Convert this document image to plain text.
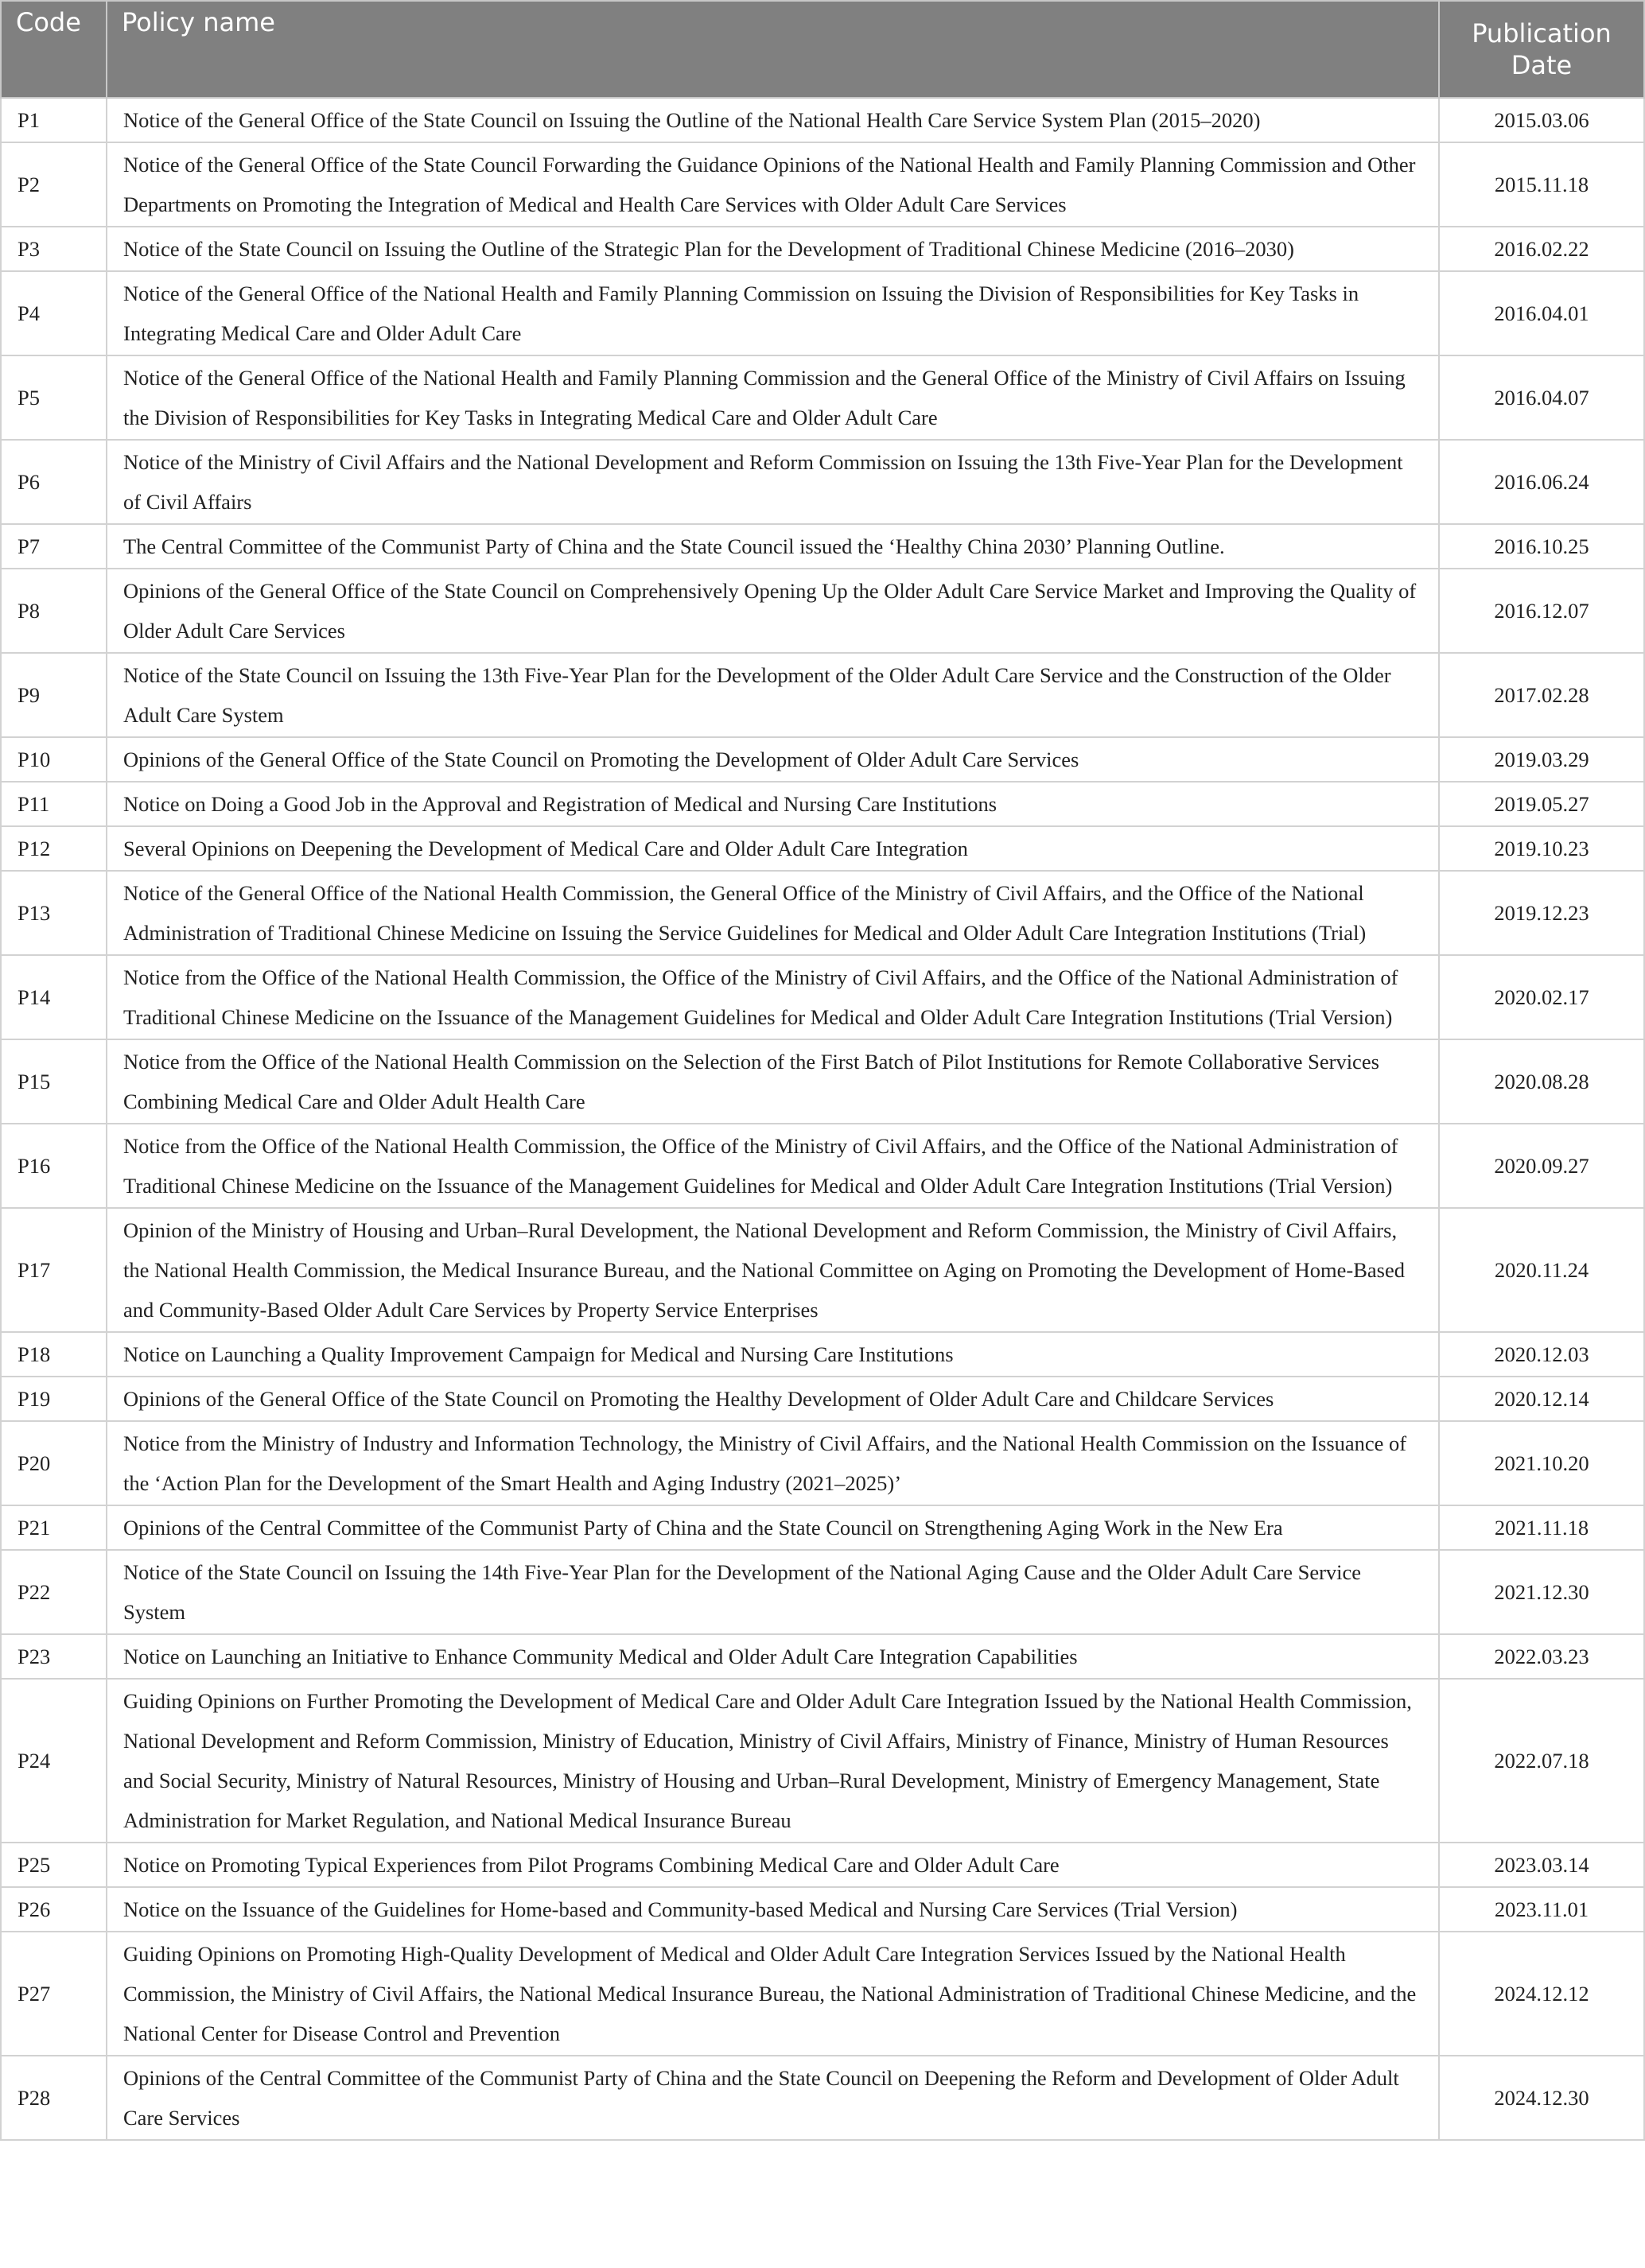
Code	Policy name	Publication Date
P1	Notice of the General Office of the State Council on Issuing the Outline of the National Health Care Service System Plan (2015–2020)	2015.03.06
P2	Notice of the General Office of the State Council Forwarding the Guidance Opinions of the National Health and Family Planning Commission and Other Departments on Promoting the Integration of Medical and Health Care Services with Older Adult Care Services	2015.11.18
P3	Notice of the State Council on Issuing the Outline of the Strategic Plan for the Development of Traditional Chinese Medicine (2016–2030)	2016.02.22
P4	Notice of the General Office of the National Health and Family Planning Commission on Issuing the Division of Responsibilities for Key Tasks in Integrating Medical Care and Older Adult Care	2016.04.01
P5	Notice of the General Office of the National Health and Family Planning Commission and the General Office of the Ministry of Civil Affairs on Issuing the Division of Responsibilities for Key Tasks in Integrating Medical Care and Older Adult Care	2016.04.07
P6	Notice of the Ministry of Civil Affairs and the National Development and Reform Commission on Issuing the 13th Five-Year Plan for the Development of Civil Affairs	2016.06.24
P7	The Central Committee of the Communist Party of China and the State Council issued the ‘Healthy China 2030’ Planning Outline.	2016.10.25
P8	Opinions of the General Office of the State Council on Comprehensively Opening Up the Older Adult Care Service Market and Improving the Quality of Older Adult Care Services	2016.12.07
P9	Notice of the State Council on Issuing the 13th Five-Year Plan for the Development of the Older Adult Care Service and the Construction of the Older Adult Care System	2017.02.28
P10	Opinions of the General Office of the State Council on Promoting the Development of Older Adult Care Services	2019.03.29
P11	Notice on Doing a Good Job in the Approval and Registration of Medical and Nursing Care Institutions	2019.05.27
P12	Several Opinions on Deepening the Development of Medical Care and Older Adult Care Integration	2019.10.23
P13	Notice of the General Office of the National Health Commission, the General Office of the Ministry of Civil Affairs, and the Office of the National Administration of Traditional Chinese Medicine on Issuing the Service Guidelines for Medical and Older Adult Care Integration Institutions (Trial)	2019.12.23
P14	Notice from the Office of the National Health Commission, the Office of the Ministry of Civil Affairs, and the Office of the National Administration of Traditional Chinese Medicine on the Issuance of the Management Guidelines for Medical and Older Adult Care Integration Institutions (Trial Version)	2020.02.17
P15	Notice from the Office of the National Health Commission on the Selection of the First Batch of Pilot Institutions for Remote Collaborative Services Combining Medical Care and Older Adult Health Care	2020.08.28
P16	Notice from the Office of the National Health Commission, the Office of the Ministry of Civil Affairs, and the Office of the National Administration of Traditional Chinese Medicine on the Issuance of the Management Guidelines for Medical and Older Adult Care Integration Institutions (Trial Version)	2020.09.27
P17	Opinion of the Ministry of Housing and Urban–Rural Development, the National Development and Reform Commission, the Ministry of Civil Affairs, the National Health Commission, the Medical Insurance Bureau, and the National Committee on Aging on Promoting the Development of Home-Based and Community-Based Older Adult Care Services by Property Service Enterprises	2020.11.24
P18	Notice on Launching a Quality Improvement Campaign for Medical and Nursing Care Institutions	2020.12.03
P19	Opinions of the General Office of the State Council on Promoting the Healthy Development of Older Adult Care and Childcare Services	2020.12.14
P20	Notice from the Ministry of Industry and Information Technology, the Ministry of Civil Affairs, and the National Health Commission on the Issuance of the ‘Action Plan for the Development of the Smart Health and Aging Industry (2021–2025)’	2021.10.20
P21	Opinions of the Central Committee of the Communist Party of China and the State Council on Strengthening Aging Work in the New Era	2021.11.18
P22	Notice of the State Council on Issuing the 14th Five-Year Plan for the Development of the National Aging Cause and the Older Adult Care Service System	2021.12.30
P23	Notice on Launching an Initiative to Enhance Community Medical and Older Adult Care Integration Capabilities	2022.03.23
P24	Guiding Opinions on Further Promoting the Development of Medical Care and Older Adult Care Integration Issued by the National Health Commission, National Development and Reform Commission, Ministry of Education, Ministry of Civil Affairs, Ministry of Finance, Ministry of Human Resources and Social Security, Ministry of Natural Resources, Ministry of Housing and Urban–Rural Development, Ministry of Emergency Management, State Administration for Market Regulation, and National Medical Insurance Bureau	2022.07.18
P25	Notice on Promoting Typical Experiences from Pilot Programs Combining Medical Care and Older Adult Care	2023.03.14
P26	Notice on the Issuance of the Guidelines for Home-based and Community-based Medical and Nursing Care Services (Trial Version)	2023.11.01
P27	Guiding Opinions on Promoting High-Quality Development of Medical and Older Adult Care Integration Services Issued by the National Health Commission, the Ministry of Civil Affairs, the National Medical Insurance Bureau, the National Administration of Traditional Chinese Medicine, and the National Center for Disease Control and Prevention	2024.12.12
P28	Opinions of the Central Committee of the Communist Party of China and the State Council on Deepening the Reform and Development of Older Adult Care Services	2024.12.30
